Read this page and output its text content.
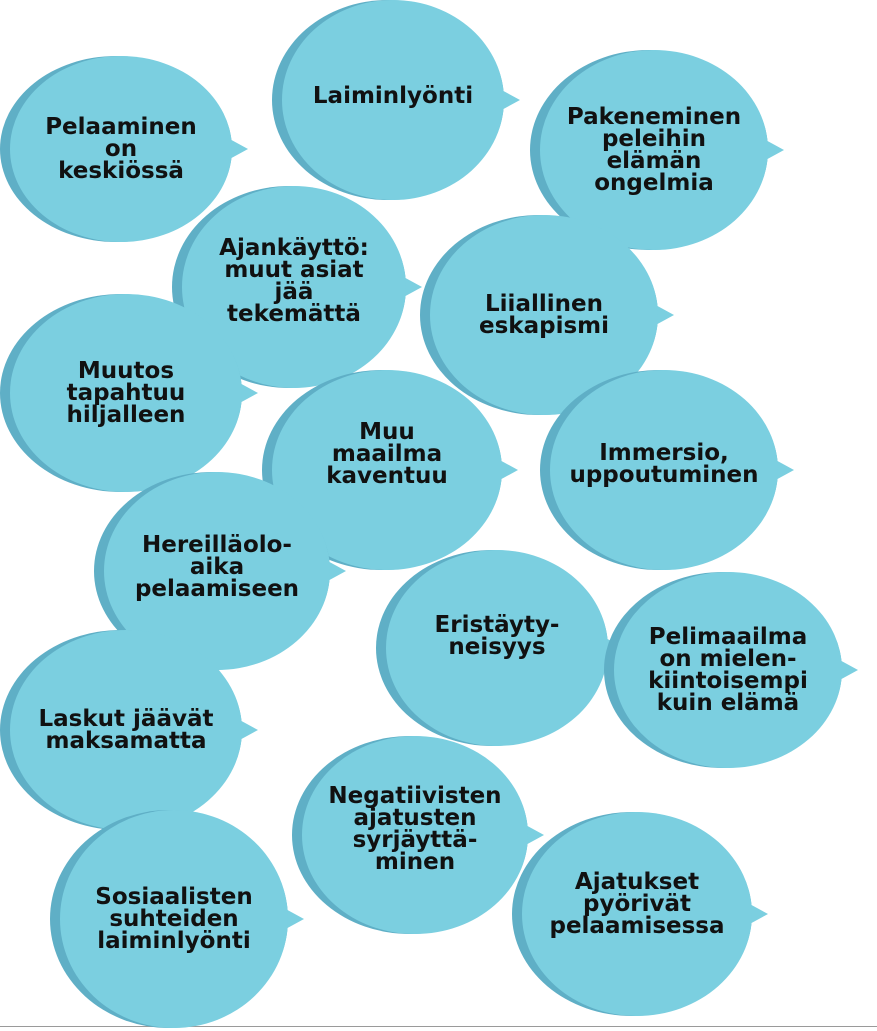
Pelaaminen
on
keskiössä
Laiminlyönti
Pakeneminen
peleihin
elämän
ongelmia
Ajankäyttö:
muut asiat
jää
tekemättä	Liiallinen
eskapismi
Muutos
tapahtuu
hiljalleen
Muu
maailma
kaventuu
Immersio,
uppoutuminen
Hereilläolo-
aika
pelaamiseen
Eristäyty-
neisyys	Pelimaailma
on mielen-
kiintoisempi
kuin elämä
Laskut jäävät
maksamatta
Negatiivisten
ajatusten
syrjäyttä-
minen
Sosiaalisten
suhteiden
laiminlyönti
Ajatukset
pyörivät
pelaamisessa
